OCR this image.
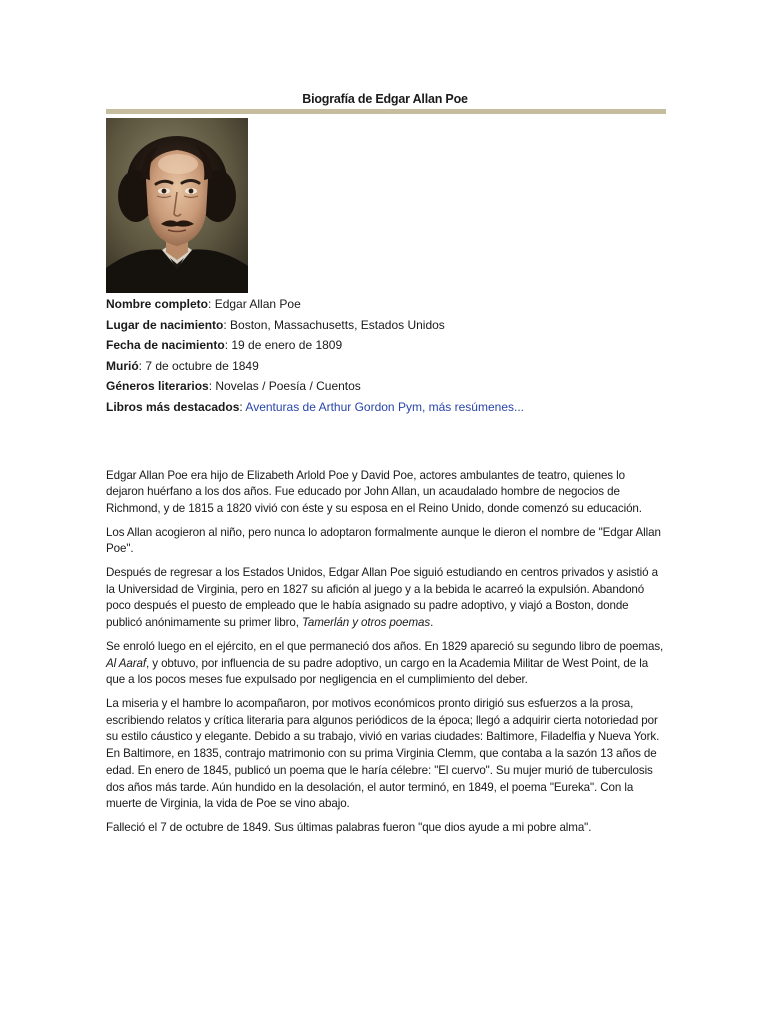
Biografía de Edgar Allan Poe
Nombre completo: Edgar Allan Poe
Lugar de nacimiento: Boston, Massachusetts, Estados Unidos
Fecha de nacimiento: 19 de enero de 1809
Murió: 7 de octubre de 1849
Géneros literarios: Novelas / Poesía / Cuentos
Libros más destacados: Aventuras de Arthur Gordon Pym, más resúmenes...

Edgar Allan Poe era hijo de Elizabeth Arlold Poe y David Poe, actores ambulantes de teatro, quienes lo dejaron huérfano a los dos años. Fue educado por John Allan, un acaudalado hombre de negocios de Richmond, y de 1815 a 1820 vivió con éste y su esposa en el Reino Unido, donde comenzó su educación.

Los Allan acogieron al niño, pero nunca lo adoptaron formalmente aunque le dieron el nombre de "Edgar Allan Poe".

Después de regresar a los Estados Unidos, Edgar Allan Poe siguió estudiando en centros privados y asistió a la Universidad de Virginia, pero en 1827 su afición al juego y a la bebida le acarreó la expulsión. Abandonó poco después el puesto de empleado que le había asignado su padre adoptivo, y viajó a Boston, donde publicó anónimamente su primer libro, Tamerlán y otros poemas.

Se enroló luego en el ejército, en el que permaneció dos años. En 1829 apareció su segundo libro de poemas, Al Aaraf, y obtuvo, por influencia de su padre adoptivo, un cargo en la Academia Militar de West Point, de la que a los pocos meses fue expulsado por negligencia en el cumplimiento del deber.

La miseria y el hambre lo acompañaron, por motivos económicos pronto dirigió sus esfuerzos a la prosa, escribiendo relatos y crítica literaria para algunos periódicos de la época; llegó a adquirir cierta notoriedad por su estilo cáustico y elegante. Debido a su trabajo, vivió en varias ciudades: Baltimore, Filadelfia y Nueva York. En Baltimore, en 1835, contrajo matrimonio con su prima Virginia Clemm, que contaba a la sazón 13 años de edad. En enero de 1845, publicó un poema que le haría célebre: "El cuervo". Su mujer murió de tuberculosis dos años más tarde. Aún hundido en la desolación, el autor terminó, en 1849, el poema "Eureka". Con la muerte de Virginia, la vida de Poe se vino abajo.

Falleció el 7 de octubre de 1849. Sus últimas palabras fueron "que dios ayude a mi pobre alma".
